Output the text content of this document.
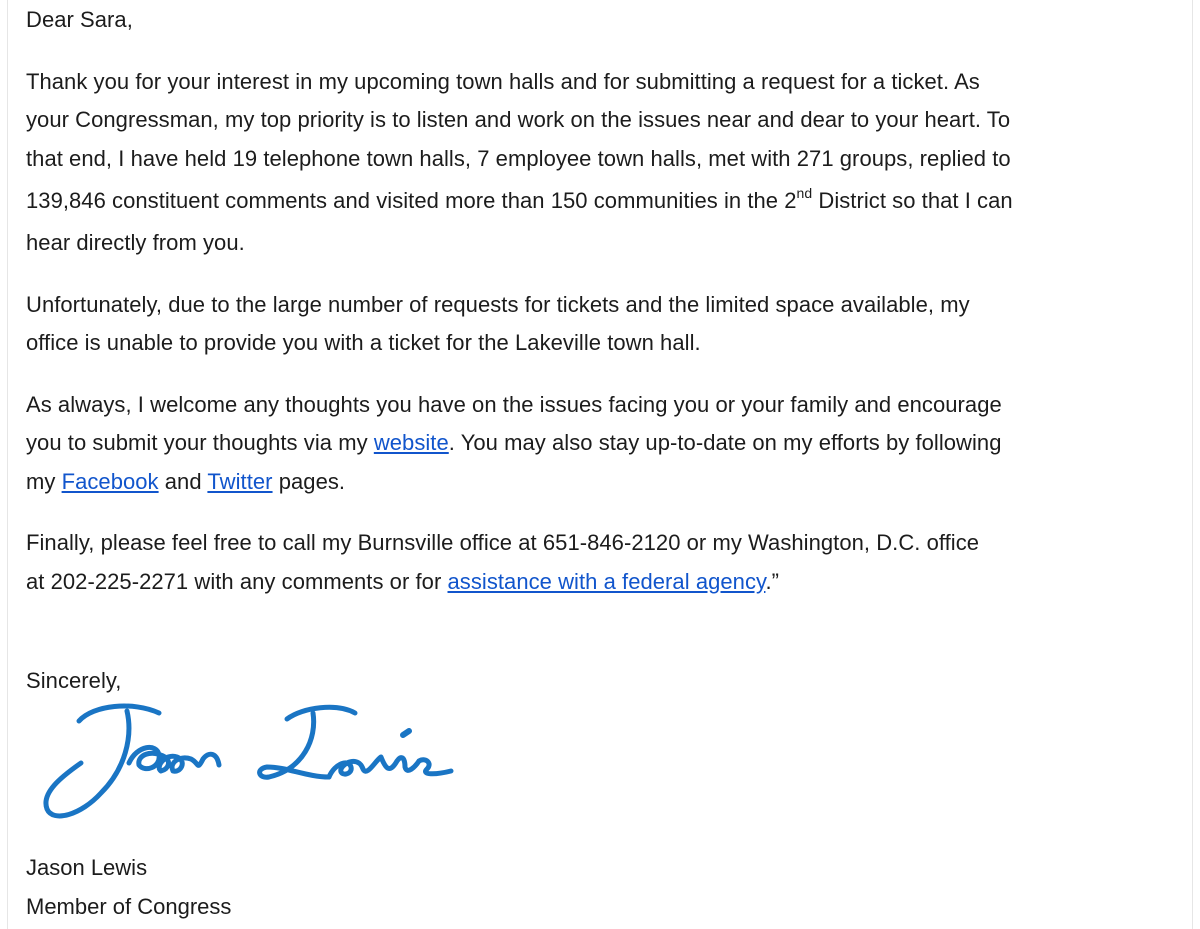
Dear Sara,

Thank you for your interest in my upcoming town halls and for submitting a request for a ticket. As
your Congressman, my top priority is to listen and work on the issues near and dear to your heart. To
that end, I have held 19 telephone town halls, 7 employee town halls, met with 271 groups, replied to
139,846 constituent comments and visited more than 150 communities in the 2nd District so that I can
hear directly from you.

Unfortunately, due to the large number of requests for tickets and the limited space available, my
office is unable to provide you with a ticket for the Lakeville town hall.

As always, I welcome any thoughts you have on the issues facing you or your family and encourage
you to submit your thoughts via my website. You may also stay up-to-date on my efforts by following
my Facebook and Twitter pages.

Finally, please feel free to call my Burnsville office at 651-846-2120 or my Washington, D.C. office
at 202-225-2271 with any comments or for assistance with a federal agency.”

Sincerely,

Jason Lewis
Member of Congress
